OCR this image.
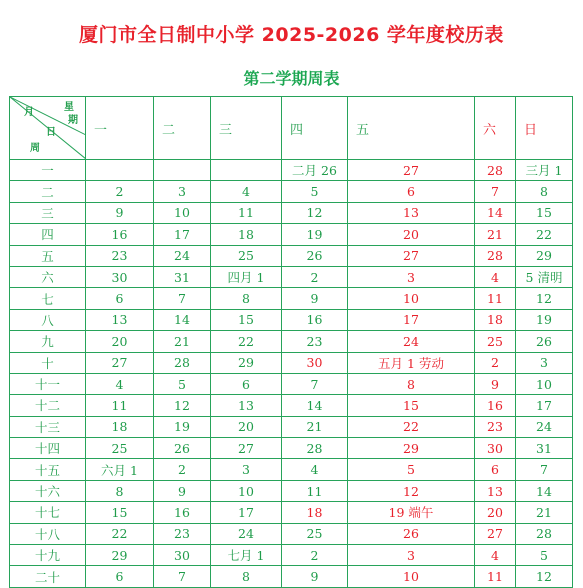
厦门市全日制中小学 2025-2026 学年度校历表
第二学期周表
月 星
期
日
周	一	二	三	四	五	六	日
一				二月 26	27	28	三月 1
二	2	3	4	5	6	7	8
三	9	10	11	12	13	14	15
四	16	17	18	19	20	21	22
五	23	24	25	26	27	28	29
六	30	31	四月 1	2	3	4	5 清明
七	6	7	8	9	10	11	12
八	13	14	15	16	17	18	19
九	20	21	22	23	24	25	26
十	27	28	29	30	五月 1 劳动	2	3
十一	4	5	6	7	8	9	10
十二	11	12	13	14	15	16	17
十三	18	19	20	21	22	23	24
十四	25	26	27	28	29	30	31
十五	六月 1	2	3	4	5	6	7
十六	8	9	10	11	12	13	14
十七	15	16	17	18	19 端午	20	21
十八	22	23	24	25	26	27	28
十九	29	30	七月 1	2	3	4	5
二十	6	7	8	9	10	11	12
